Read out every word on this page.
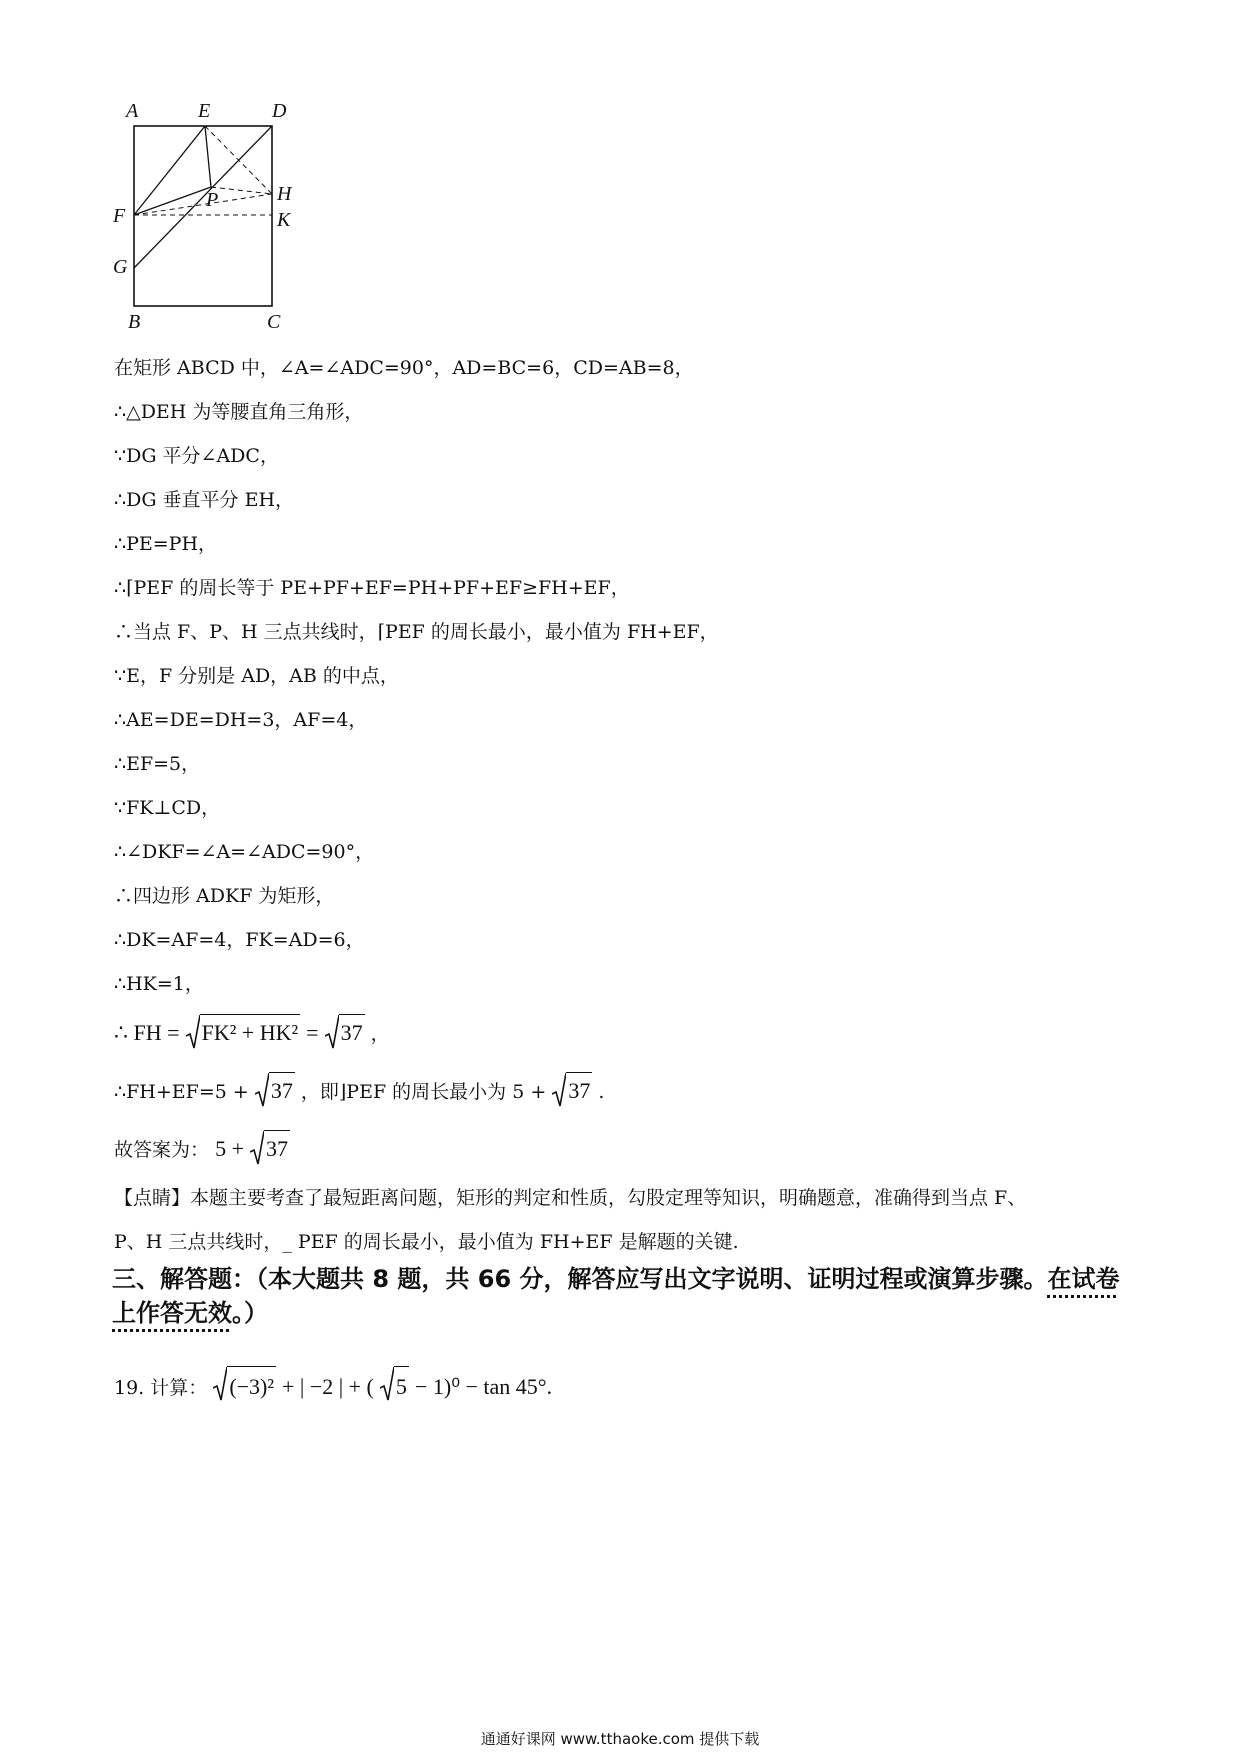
A	E	D
H
P
F	K
G
B	C
在矩形 ABCD 中，∠A=∠ADC=90°，AD=BC=6，CD=AB=8，
∴△DEH 为等腰直角三角形，
∵DG 平分∠ADC，
∴DG 垂直平分 EH，
∴PE=PH，
∴⌈PEF 的周长等于 PE+PF+EF=PH+PF+EF≥FH+EF，
∴当点 F、P、H 三点共线时，⌈PEF 的周长最小，最小值为 FH+EF，
∵E，F 分别是 AD，AB 的中点，
∴AE=DE=DH=3，AF=4，
∴EF=5，
∵FK⊥CD，
∴∠DKF=∠A=∠ADC=90°，
∴四边形 ADKF 为矩形，
∴DK=AF=4，FK=AD=6，
∴HK=1，
∴ FH = FK² + HK² = 37 ，
∴FH+EF=5 + 37 ，即⌋PEF 的周长最小为 5 + 37 .
故答案为： 5 + 37
【点睛】本题主要考查了最短距离问题，矩形的判定和性质，勾股定理等知识，明确题意，准确得到当点 F、
P、H 三点共线时，_ PEF 的周长最小，最小值为 FH+EF 是解题的关键.
三、解答题：（本大题共 8 题，共 66 分，解答应写出文字说明、证明过程或演算步骤。在试卷上作答无效。）
19. 计算： (−3)² + | −2 | + ( 5 − 1)⁰ − tan 45°.
通通好课网 www.tthaoke.com 提供下载
